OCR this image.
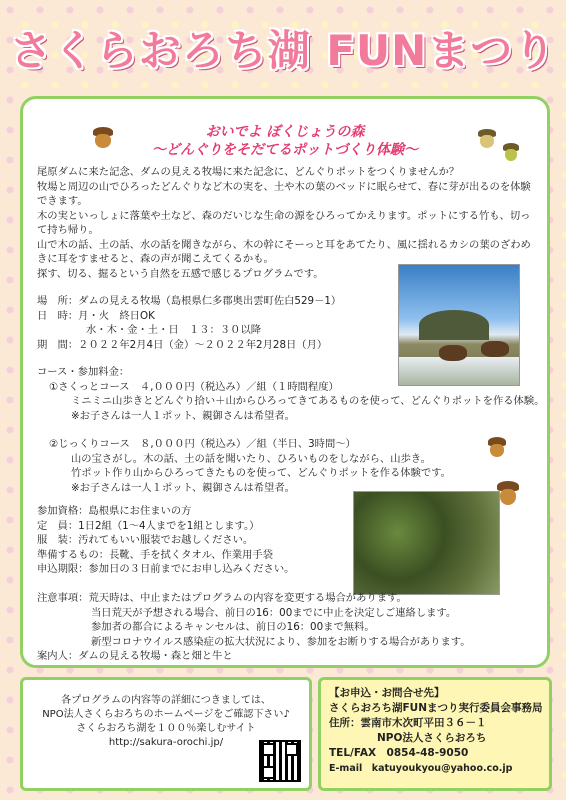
さくらおろち湖 FUNまつり
おいでよ ぼくじょうの森
～どんぐりをそだてるポットづくり体験～

尾原ダムに来た記念、ダムの見える牧場に来た記念に、どんぐりポットをつくりませんか？

牧場と周辺の山でひろったどんぐりなど木の実を、土や木の葉のベッドに眠らせて、春に芽が出るのを体験できます。

木の実といっしょに落葉や土など、森のだいじな生命の源をひろってかえります。ポットにする竹も、切って持ち帰り。

山で木の話、土の話、水の話を聞きながら、木の幹にそーっと耳をあてたり、風に揺れるカシの葉のざわめきに耳をすませると、森の声が聞こえてくるかも。

探す、切る、掘るという自然を五感で感じるプログラムです。

場　所：ダムの見える牧場（島根県仁多郡奥出雲町佐白529－1）

日　時：月・火　終日OK

水・木・金・土・日　１３：３０以降

期　間：２０２２年2月4日（金）～２０２２年2月28日（月）

コース・参加料金：

①さくっとコース　４,０００円（税込み）／組（１時間程度）

ミニミニ山歩きとどんぐり拾い＋山からひろってきてあるものを使って、どんぐりポットを作る体験。

※お子さんは一人１ポット、親御さんは希望者。

②じっくりコース　８,０００円（税込み）／組（半日、3時間～）

山の宝さがし。木の話、土の話を聞いたり、ひろいものをしながら、山歩き。

竹ポット作り山からひろってきたものを使って、どんぐりポットを作る体験です。

※お子さんは一人１ポット、親御さんは希望者。

参加資格：島根県にお住まいの方

定　員：1日2組（1～4人までを1組とします。）

服　装：汚れてもいい服装でお越しください。

準備するもの：長靴、手を拭くタオル、作業用手袋

申込期限：参加日の３日前までにお申し込みください。

注意事項：荒天時は、中止またはプログラムの内容を変更する場合があります。

当日荒天が予想される場合、前日の16：00までに中止を決定しご連絡します。

参加者の都合によるキャンセルは、前日の16：00まで無料。

新型コロナウイルス感染症の拡大状況により、参加をお断りする場合があります。

案内人：ダムの見える牧場・森と畑と牛と

各プログラムの内容等の詳細につきましては、

NPO法人さくらおろちのホームページをご確認下さい♪

さくらおろち湖を１００％楽しむサイト

http://sakura-orochi.jp/

【お申込・お問合せ先】

さくらおろち湖FUNまつり実行委員会事務局

住所：雲南市木次町平田３６－１

NPO法人さくらおろち

TEL/FAX　0854-48-9050

E-mail　katuyoukyou@yahoo.co.jp
